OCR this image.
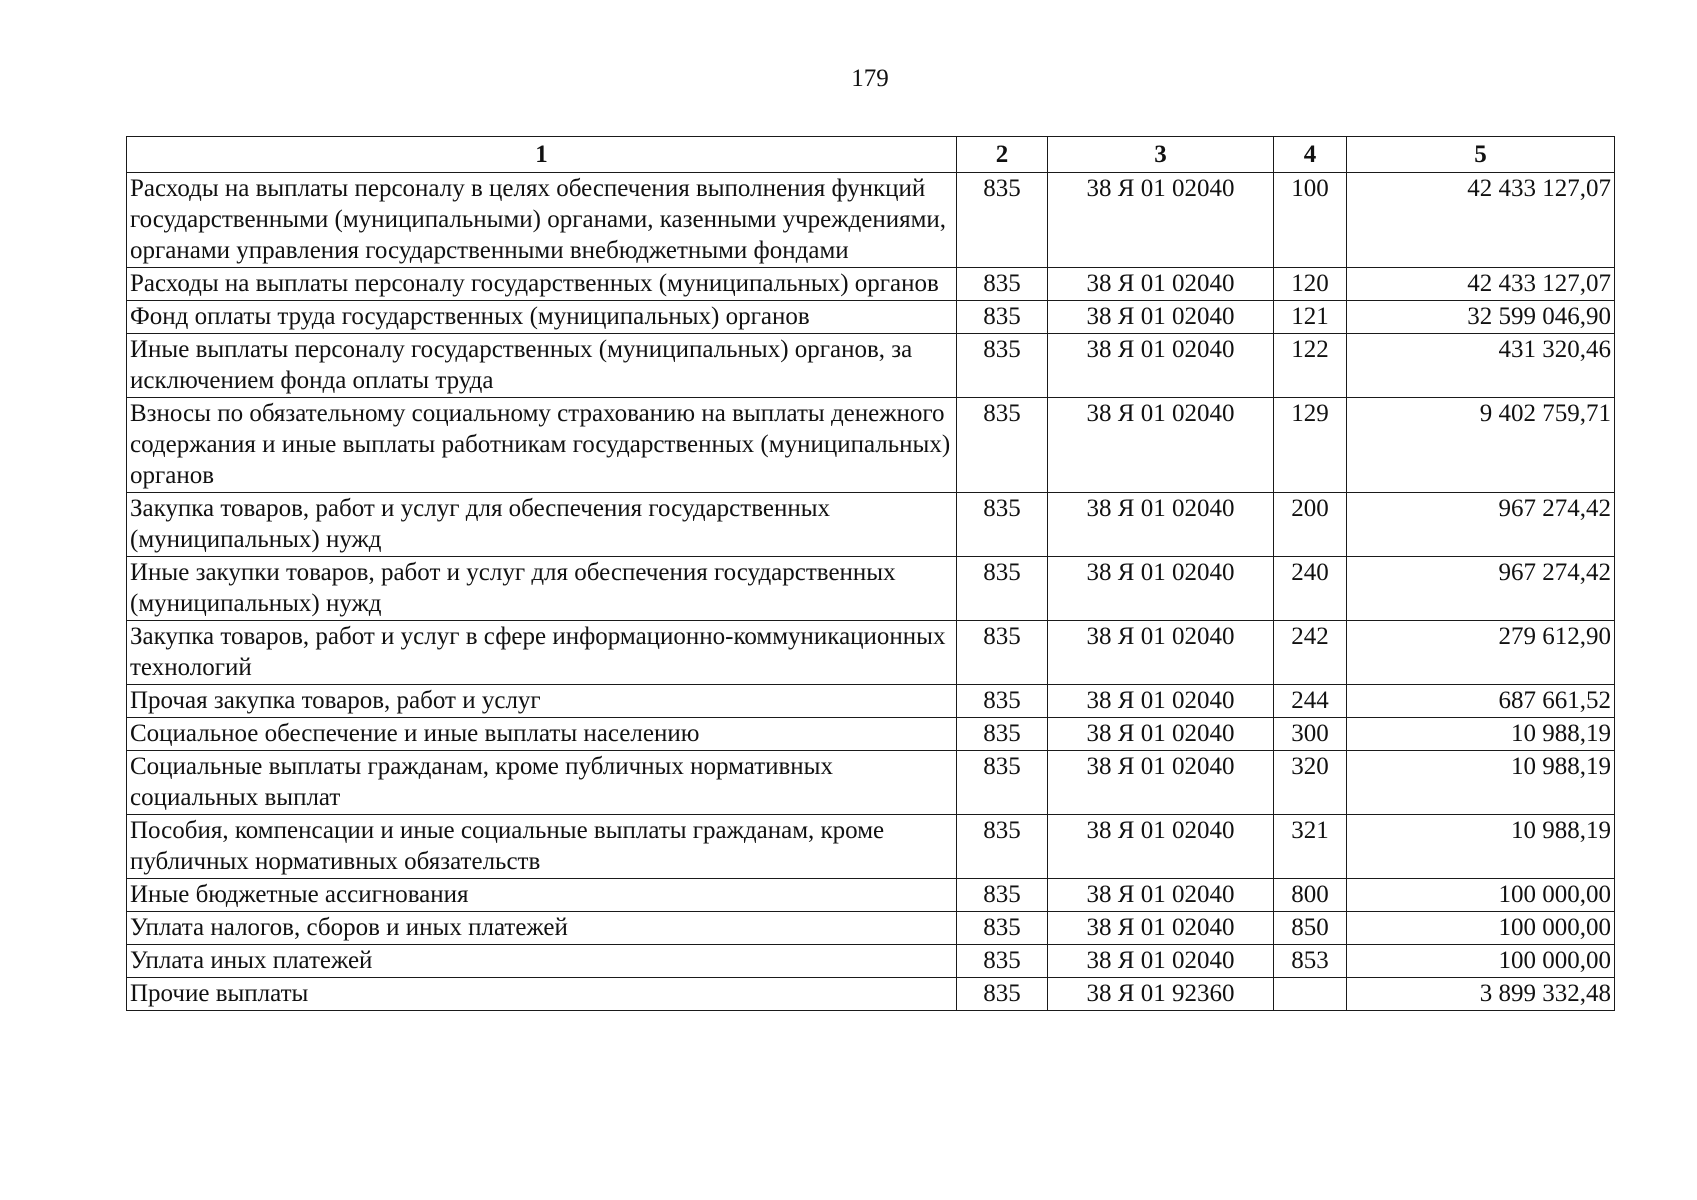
179
1	2	3	4	5
Расходы на выплаты персоналу в целях обеспечения выполнения функций государственными (муниципальными) органами, казенными учреждениями, органами управления государственными внебюджетными фондами	835	38 Я 01 02040	100	42 433 127,07
Расходы на выплаты персоналу государственных (муниципальных) органов	835	38 Я 01 02040	120	42 433 127,07
Фонд оплаты труда государственных (муниципальных) органов	835	38 Я 01 02040	121	32 599 046,90
Иные выплаты персоналу государственных (муниципальных) органов, за исключением фонда оплаты труда	835	38 Я 01 02040	122	431 320,46
Взносы по обязательному социальному страхованию на выплаты денежного содержания и иные выплаты работникам государственных (муниципальных) органов	835	38 Я 01 02040	129	9 402 759,71
Закупка товаров, работ и услуг для обеспечения государственных (муниципальных) нужд	835	38 Я 01 02040	200	967 274,42
Иные закупки товаров, работ и услуг для обеспечения государственных (муниципальных) нужд	835	38 Я 01 02040	240	967 274,42
Закупка товаров, работ и услуг в сфере информационно-коммуникационных технологий	835	38 Я 01 02040	242	279 612,90
Прочая закупка товаров, работ и услуг	835	38 Я 01 02040	244	687 661,52
Социальное обеспечение и иные выплаты населению	835	38 Я 01 02040	300	10 988,19
Социальные выплаты гражданам, кроме публичных нормативных социальных выплат	835	38 Я 01 02040	320	10 988,19
Пособия, компенсации и иные социальные выплаты гражданам, кроме публичных нормативных обязательств	835	38 Я 01 02040	321	10 988,19
Иные бюджетные ассигнования	835	38 Я 01 02040	800	100 000,00
Уплата налогов, сборов и иных платежей	835	38 Я 01 02040	850	100 000,00
Уплата иных платежей	835	38 Я 01 02040	853	100 000,00
Прочие выплаты	835	38 Я 01 92360		3 899 332,48
